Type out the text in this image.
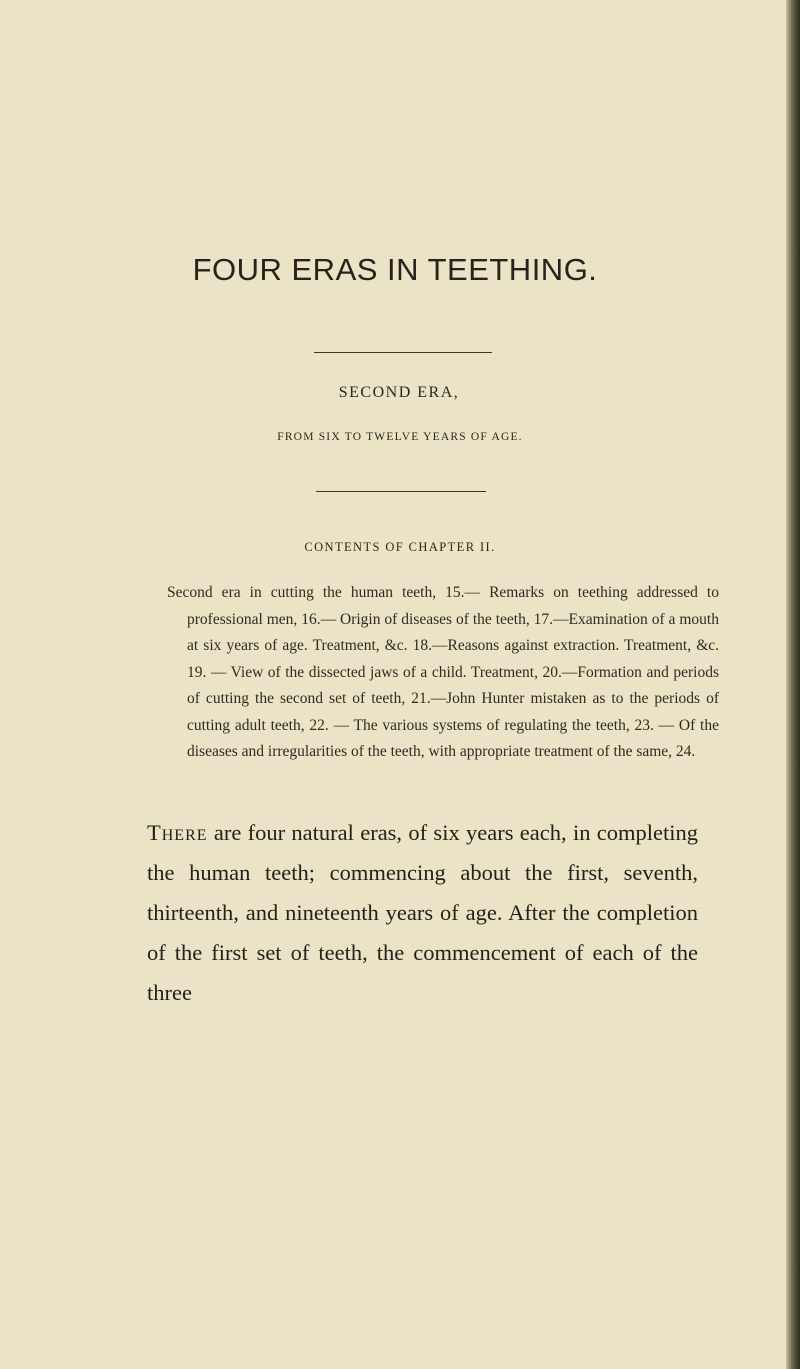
FOUR ERAS IN TEETHING.
SECOND ERA,
FROM SIX TO TWELVE YEARS OF AGE.
CONTENTS OF CHAPTER II.

Second era in cutting the human teeth, 15.— Remarks on teething addressed to professional men, 16.— Origin of diseases of the teeth, 17.—Examination of a mouth at six years of age. Treatment, &c. 18.—Reasons against extraction. Treatment, &c. 19. — View of the dissected jaws of a child. Treatment, 20.—Formation and periods of cutting the second set of teeth, 21.—John Hunter mistaken as to the periods of cutting adult teeth, 22. — The various systems of regulating the teeth, 23. — Of the diseases and irregularities of the teeth, with appropriate treatment of the same, 24.

There are four natural eras, of six years each, in completing the human teeth; commencing about the first, seventh, thirteenth, and nineteenth years of age. After the completion of the first set of teeth, the commencement of each of the three
